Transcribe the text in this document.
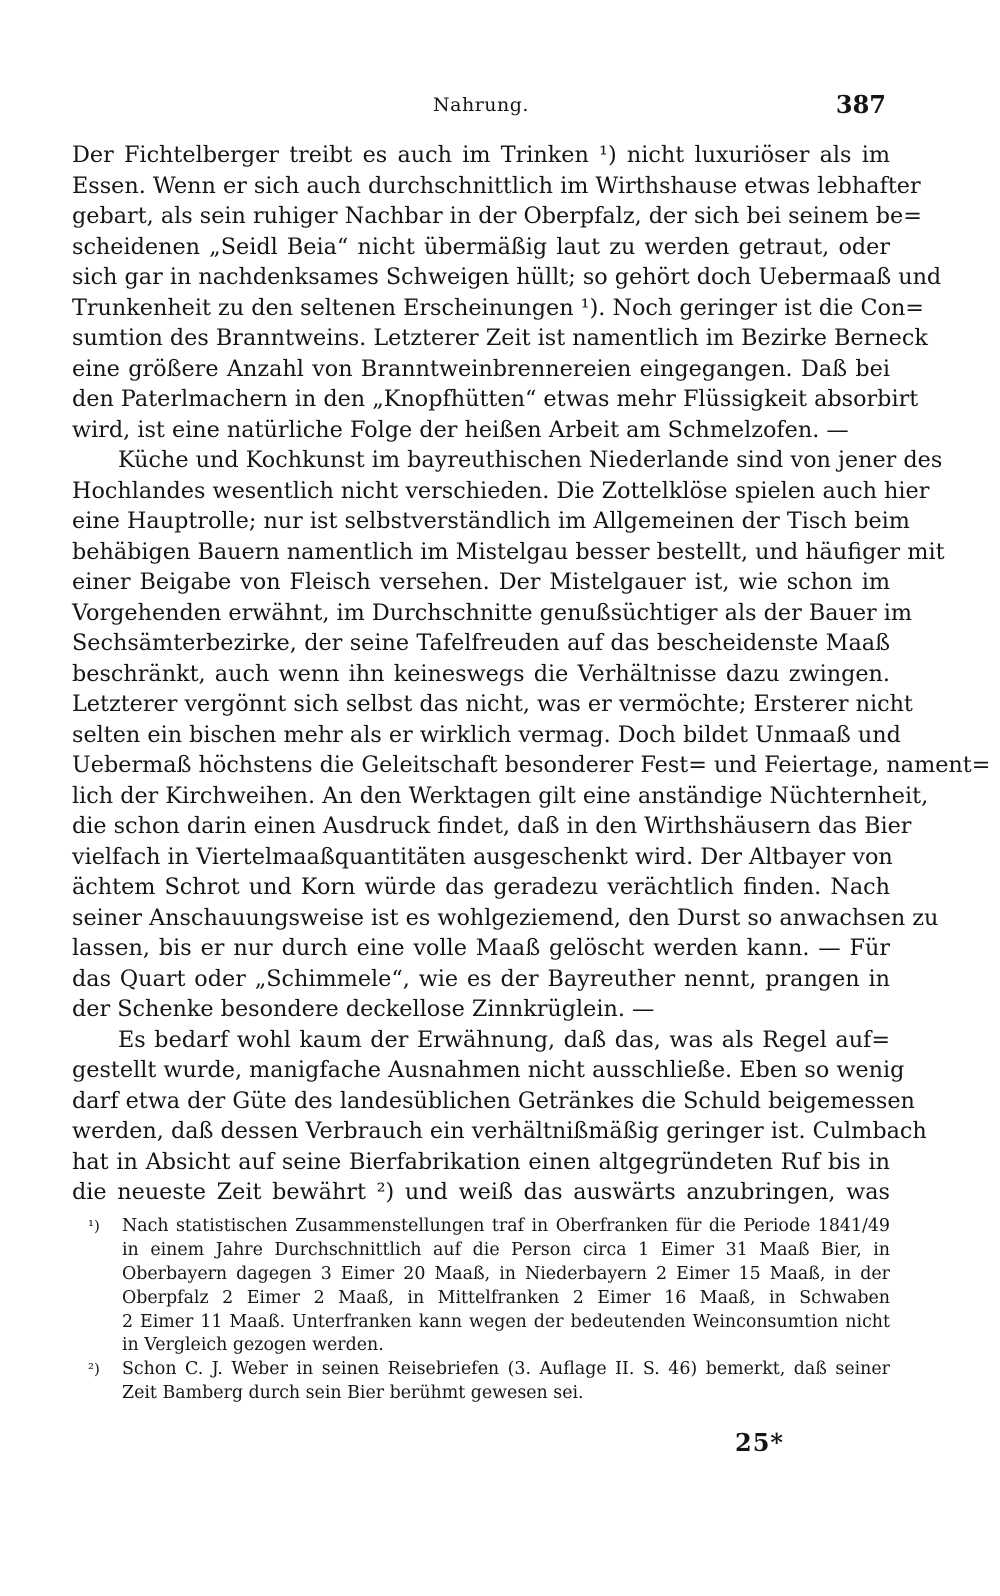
Nahrung.	387
Der Fichtelberger treibt es auch im Trinken ¹) nicht luxuriöser als im
Essen. Wenn er sich auch durchschnittlich im Wirthshause etwas lebhafter
gebart, als sein ruhiger Nachbar in der Oberpfalz, der sich bei seinem be=
scheidenen „Seidl Beia“ nicht übermäßig laut zu werden getraut, oder
sich gar in nachdenksames Schweigen hüllt; so gehört doch Uebermaaß und
Trunkenheit zu den seltenen Erscheinungen ¹). Noch geringer ist die Con=
sumtion des Branntweins. Letzterer Zeit ist namentlich im Bezirke Berneck
eine größere Anzahl von Branntweinbrennereien eingegangen. Daß bei
den Paterlmachern in den „Knopfhütten“ etwas mehr Flüssigkeit absorbirt
wird, ist eine natürliche Folge der heißen Arbeit am Schmelzofen. —
Küche und Kochkunst im bayreuthischen Niederlande sind von jener des
Hochlandes wesentlich nicht verschieden. Die Zottelklöse spielen auch hier
eine Hauptrolle; nur ist selbstverständlich im Allgemeinen der Tisch beim
behäbigen Bauern namentlich im Mistelgau besser bestellt, und häufiger mit
einer Beigabe von Fleisch versehen. Der Mistelgauer ist, wie schon im
Vorgehenden erwähnt, im Durchschnitte genußsüchtiger als der Bauer im
Sechsämterbezirke, der seine Tafelfreuden auf das bescheidenste Maaß
beschränkt, auch wenn ihn keineswegs die Verhältnisse dazu zwingen.
Letzterer vergönnt sich selbst das nicht, was er vermöchte; Ersterer nicht
selten ein bischen mehr als er wirklich vermag. Doch bildet Unmaaß und
Uebermaß höchstens die Geleitschaft besonderer Fest= und Feiertage, nament=
lich der Kirchweihen. An den Werktagen gilt eine anständige Nüchternheit,
die schon darin einen Ausdruck findet, daß in den Wirthshäusern das Bier
vielfach in Viertelmaaßquantitäten ausgeschenkt wird. Der Altbayer von
ächtem Schrot und Korn würde das geradezu verächtlich finden. Nach
seiner Anschauungsweise ist es wohlgeziemend, den Durst so anwachsen zu
lassen, bis er nur durch eine volle Maaß gelöscht werden kann. — Für
das Quart oder „Schimmele“, wie es der Bayreuther nennt, prangen in
der Schenke besondere deckellose Zinnkrüglein. —
Es bedarf wohl kaum der Erwähnung, daß das, was als Regel auf=
gestellt wurde, manigfache Ausnahmen nicht ausschließe. Eben so wenig
darf etwa der Güte des landesüblichen Getränkes die Schuld beigemessen
werden, daß dessen Verbrauch ein verhältnißmäßig geringer ist. Culmbach
hat in Absicht auf seine Bierfabrikation einen altgegründeten Ruf bis in
die neueste Zeit bewährt ²) und weiß das auswärts anzubringen, was
¹)	Nach statistischen Zusammenstellungen traf in Oberfranken für die Periode 1841/49
in einem Jahre Durchschnittlich auf die Person circa 1 Eimer 31 Maaß Bier, in
Oberbayern dagegen 3 Eimer 20 Maaß, in Niederbayern 2 Eimer 15 Maaß, in der
Oberpfalz 2 Eimer 2 Maaß, in Mittelfranken 2 Eimer 16 Maaß, in Schwaben
2 Eimer 11 Maaß. Unterfranken kann wegen der bedeutenden Weinconsumtion nicht
in Vergleich gezogen werden.
²)	Schon C. J. Weber in seinen Reisebriefen (3. Auflage II. S. 46) bemerkt, daß seiner
Zeit Bamberg durch sein Bier berühmt gewesen sei.
25*
